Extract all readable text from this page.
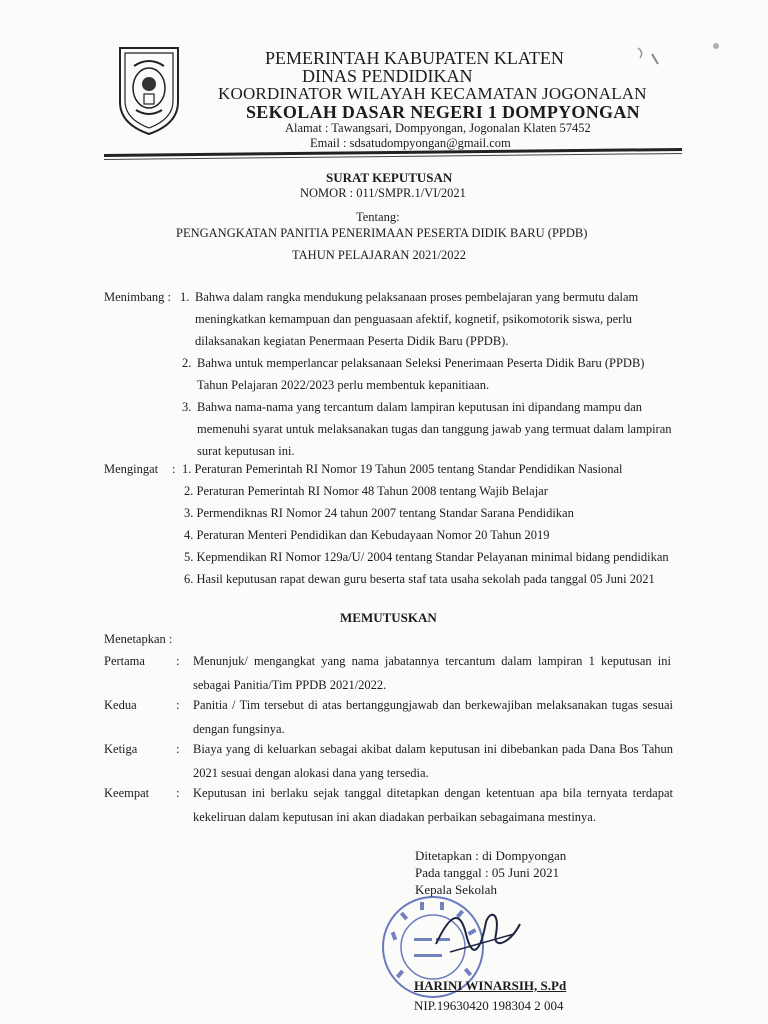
PEMERINTAH KABUPATEN KLATEN
DINAS PENDIDIKAN
KOORDINATOR WILAYAH KECAMATAN JOGONALAN
SEKOLAH DASAR NEGERI 1 DOMPYONGAN
Alamat : Tawangsari, Dompyongan, Jogonalan Klaten 57452
Email : sdsatudompyongan@gmail.com
SURAT KEPUTUSAN
NOMOR : 011/SMPR.1/VI/2021
Tentang:
PENGANGKATAN PANITIA PENERIMAAN PESERTA DIDIK BARU (PPDB)
TAHUN PELAJARAN 2021/2022
Menimbang : 1. Bahwa dalam rangka mendukung pelaksanaan proses pembelajaran yang bermutu dalam
meningkatkan kemampuan dan penguasaan afektif, kognetif, psikomotorik siswa, perlu
dilaksanakan kegiatan Penermaan Peserta Didik Baru (PPDB).
2. Bahwa untuk memperlancar pelaksanaan Seleksi Penerimaan Peserta Didik Baru (PPDB)
Tahun Pelajaran 2022/2023 perlu membentuk kepanitiaan.
3. Bahwa nama-nama yang tercantum dalam lampiran keputusan ini dipandang mampu dan
memenuhi syarat untuk melaksanakan tugas dan tanggung jawab yang termuat dalam lampiran
surat keputusan ini.
Mengingat : 1. Peraturan Pemerintah RI Nomor 19 Tahun 2005 tentang Standar Pendidikan Nasional
2. Peraturan Pemerintah RI Nomor 48 Tahun 2008 tentang Wajib Belajar
3. Permendiknas RI Nomor 24 tahun 2007 tentang Standar Sarana Pendidikan
4. Peraturan Menteri Pendidikan dan Kebudayaan Nomor 20 Tahun 2019
5. Kepmendikan RI Nomor 129a/U/ 2004 tentang Standar Pelayanan minimal bidang pendidikan
6. Hasil keputusan rapat dewan guru beserta staf tata usaha sekolah pada tanggal 05 Juni 2021
MEMUTUSKAN
Menetapkan :
Pertama : Menunjuk/ mengangkat yang nama jabatannya tercantum dalam lampiran 1 keputusan ini sebagai Panitia/Tim PPDB 2021/2022.
Kedua	: Panitia / Tim tersebut di atas bertanggungjawab dan berkewajiban melaksanakan tugas sesuai dengan fungsinya.
Ketiga	: Biaya yang di keluarkan sebagai akibat dalam keputusan ini dibebankan pada Dana Bos Tahun 2021 sesuai dengan alokasi dana yang tersedia.
Keempat : Keputusan ini berlaku sejak tanggal ditetapkan dengan ketentuan apa bila ternyata terdapat kekeliruan dalam keputusan ini akan diadakan perbaikan sebagaimana mestinya.
Ditetapkan : di Dompyongan
Pada tanggal : 05 Juni 2021
Kepala Sekolah
HARINI WINARSIH, S.Pd
NIP.19630420 198304 2 004
